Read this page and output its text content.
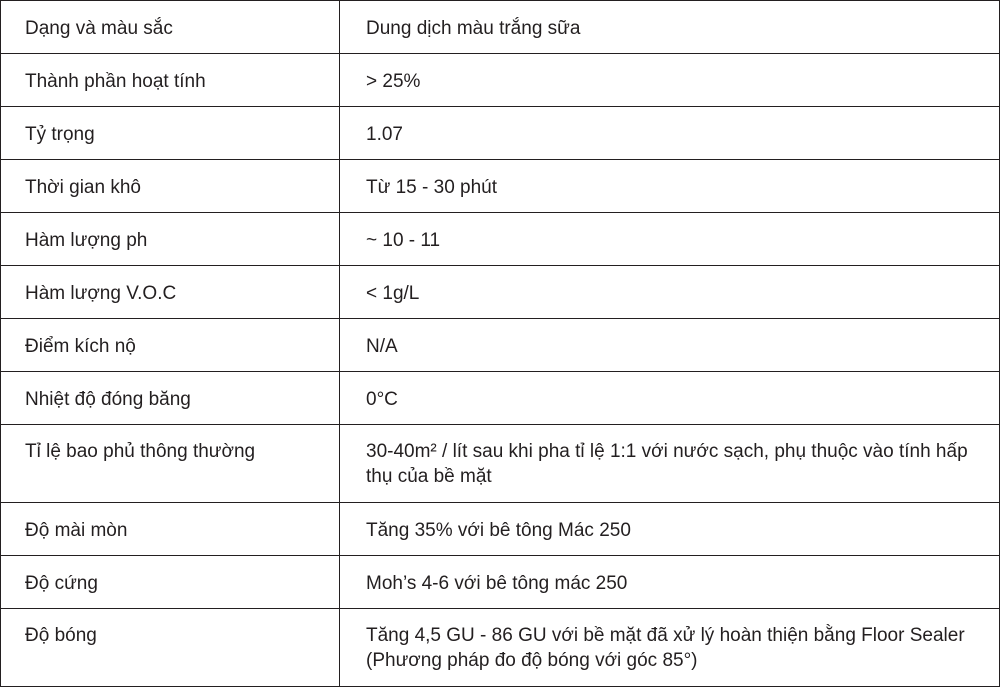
Dạng và màu sắc	Dung dịch màu trắng sữa
Thành phần hoạt tính	> 25%
Tỷ trọng	1.07
Thời gian khô	Từ 15 - 30 phút
Hàm lượng ph	~ 10 - 11
Hàm lượng V.O.C	< 1g/L
Điểm kích nộ	N/A
Nhiệt độ đóng băng	0°C
Tỉ lệ bao phủ thông thường	30-40m² / lít sau khi pha tỉ lệ 1:1 với nước sạch, phụ thuộc vào tính hấp thụ của bề mặt
Độ mài mòn	Tăng 35% với bê tông Mác 250
Độ cứng	Moh’s 4-6 với bê tông mác 250
Độ bóng	Tăng 4,5 GU - 86 GU với bề mặt đã xử lý hoàn thiện bằng Floor Sealer (Phương pháp đo độ bóng với góc 85°)
